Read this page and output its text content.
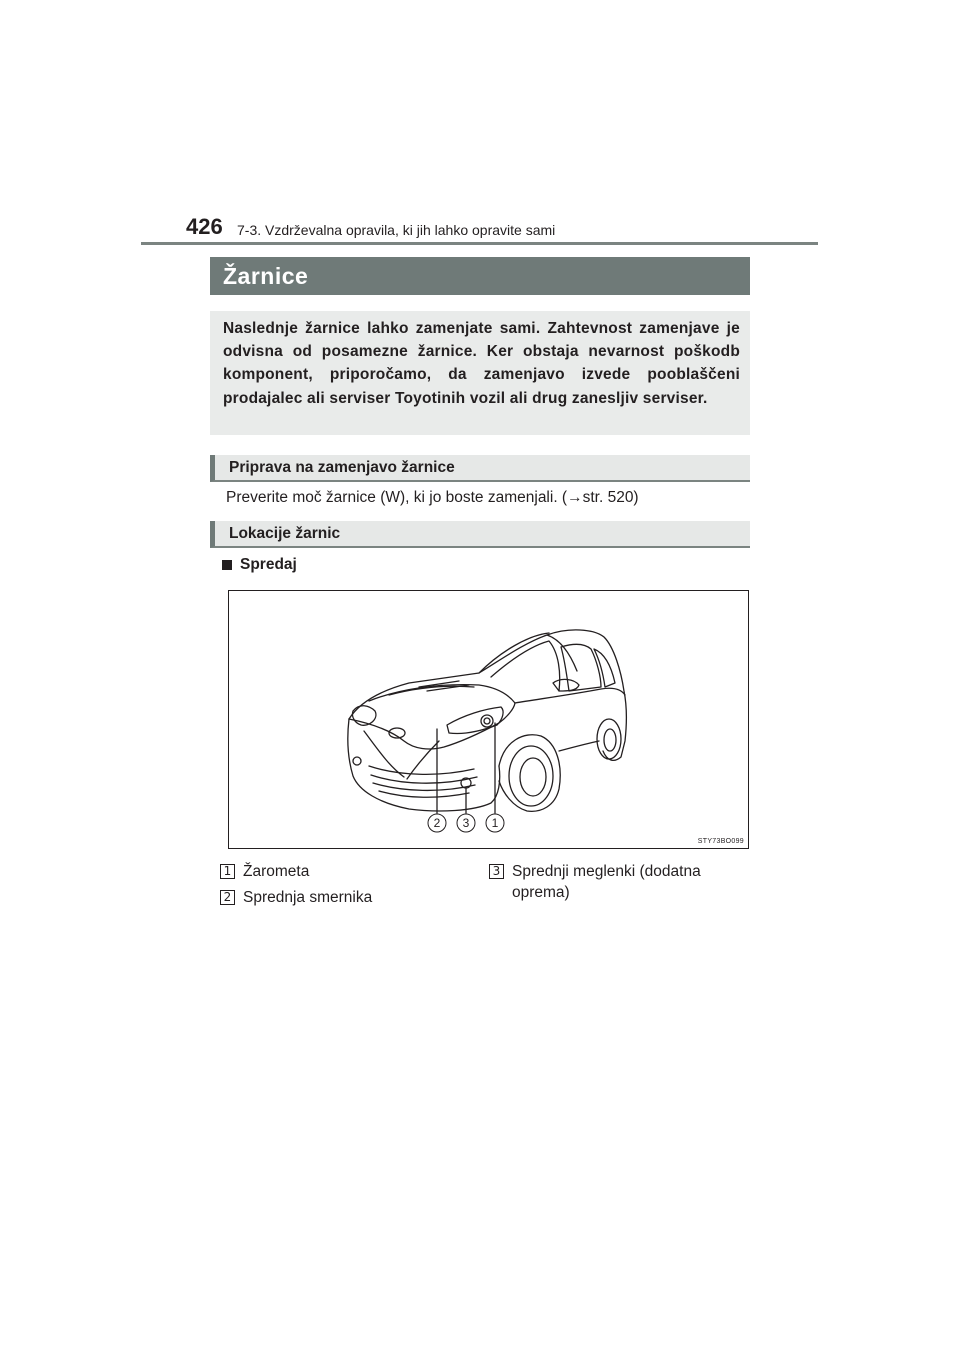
426 7-3. Vzdrževalna opravila, ki jih lahko opravite sami
Žarnice

Naslednje žarnice lahko zamenjate sami. Zahtevnost zamenjave je odvisna od posamezne žarnice. Ker obstaja nevarnost poškodb komponent, priporočamo, da zamenjavo izvede pooblaščeni prodajalec ali serviser Toyotinih vozil ali drug zanesljiv serviser.

Priprava na zamenjavo žarnice
Preverite moč žarnice (W), ki jo boste zamenjali. (→str. 520)
Lokacije žarnic
Spredaj
2 3 1
STY73BO099
1 Žarometa
2 Sprednja smernika
3 Sprednji meglenki (dodatna oprema)
